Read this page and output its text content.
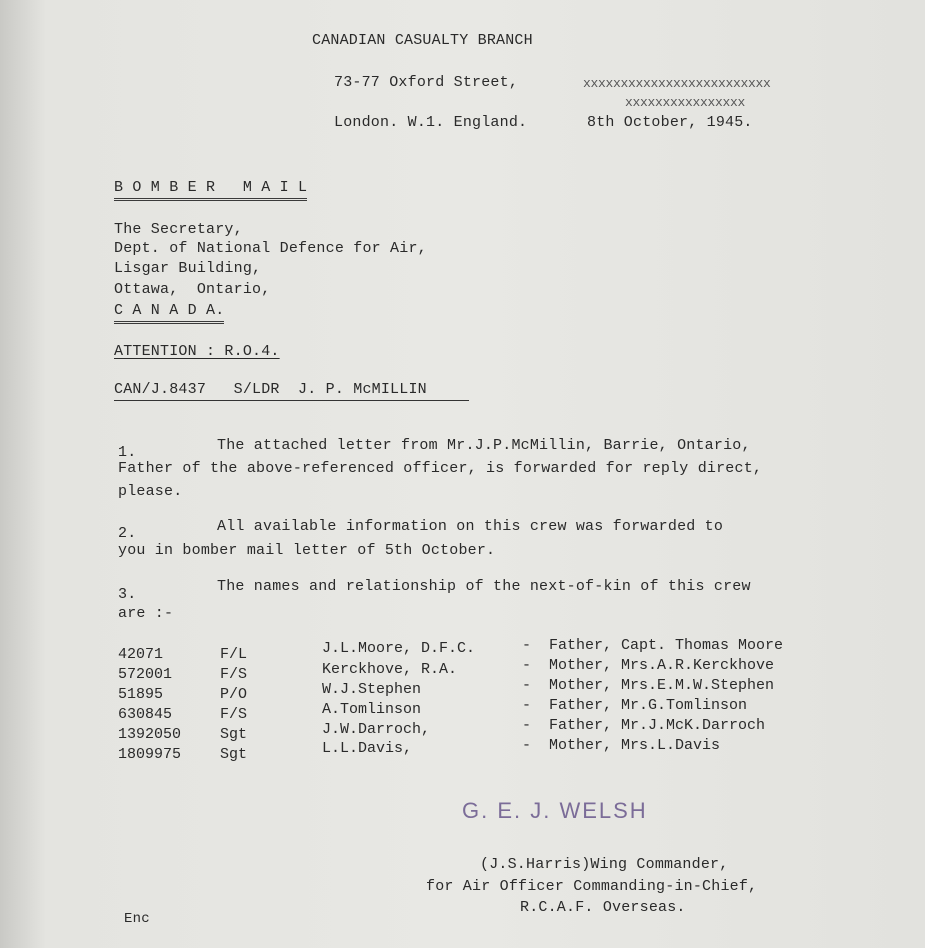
CANADIAN CASUALTY BRANCH
73-77 Oxford Street,	xxxxxxxxxxxxxxxxxxxxxxxxx
xxxxxxxxxxxxxxxx
London. W.1. England.	8th October, 1945.
B O M B E R   M A I L
The Secretary,
Dept. of National Defence for Air,
Lisgar Building,
Ottawa,  Ontario,
C A N A D A.
ATTENTION : R.O.4.
CAN/J.8437   S/LDR  J. P. McMILLIN
1.	The attached letter from Mr.J.P.McMillin, Barrie, Ontario,
Father of the above-referenced officer, is forwarded for reply direct,
please.
2.	All available information on this crew was forwarded to
you in bomber mail letter of 5th October.
3.	The names and relationship of the next-of-kin of this crew
are :-
42071	F/L	J.L.Moore, D.F.C.	-  Father, Capt. Thomas Moore
572001	F/S	Kerckhove, R.A.	-  Mother, Mrs.A.R.Kerckhove
51895	P/O	W.J.Stephen	-  Mother, Mrs.E.M.W.Stephen
630845	F/S	A.Tomlinson	-  Father, Mr.G.Tomlinson
1392050	Sgt	J.W.Darroch,	-  Father, Mr.J.McK.Darroch
1809975	Sgt	L.L.Davis,	-  Mother, Mrs.L.Davis
G. E. J. WELSH
(J.S.Harris)Wing Commander,
for Air Officer Commanding-in-Chief,
R.C.A.F. Overseas.
Enc
